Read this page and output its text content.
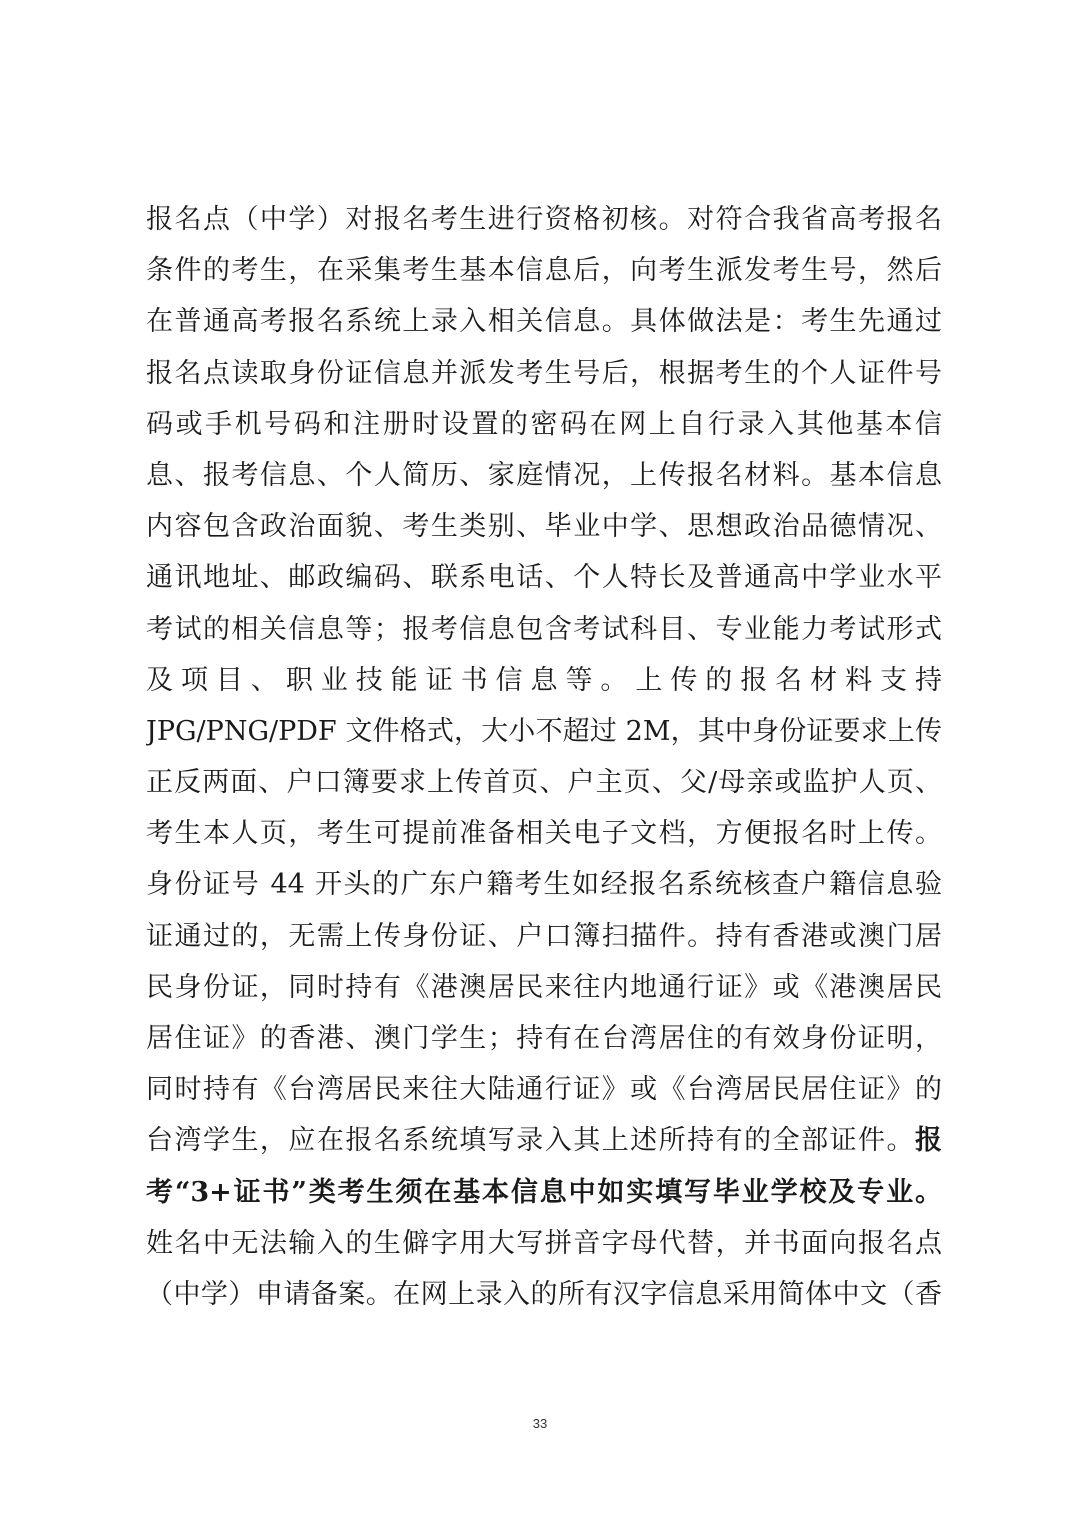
报名点（中学）对报名考生进行资格初核。对符合我省高考报名
条件的考生，在采集考生基本信息后，向考生派发考生号，然后
在普通高考报名系统上录入相关信息。具体做法是：考生先通过
报名点读取身份证信息并派发考生号后，根据考生的个人证件号
码或手机号码和注册时设置的密码在网上自行录入其他基本信
息、报考信息、个人简历、家庭情况，上传报名材料。基本信息
内容包含政治面貌、考生类别、毕业中学、思想政治品德情况、
通讯地址、邮政编码、联系电话、个人特长及普通高中学业水平
考试的相关信息等；报考信息包含考试科目、专业能力考试形式
及项目、职业技能证书信息等。上传的报名材料支持
JPG/PNG/PDF 文件格式，大小不超过 2M，其中身份证要求上传
正反两面、户口簿要求上传首页、户主页、父/母亲或监护人页、
考生本人页，考生可提前准备相关电子文档，方便报名时上传。
身份证号 44 开头的广东户籍考生如经报名系统核查户籍信息验
证通过的，无需上传身份证、户口簿扫描件。持有香港或澳门居
民身份证，同时持有《港澳居民来往内地通行证》或《港澳居民
居住证》的香港、澳门学生；持有在台湾居住的有效身份证明，
同时持有《台湾居民来往大陆通行证》或《台湾居民居住证》的
台湾学生，应在报名系统填写录入其上述所持有的全部证件。报
考“3+证书”类考生须在基本信息中如实填写毕业学校及专业。
姓名中无法输入的生僻字用大写拼音字母代替，并书面向报名点
（中学）申请备案。在网上录入的所有汉字信息采用简体中文（香
33
